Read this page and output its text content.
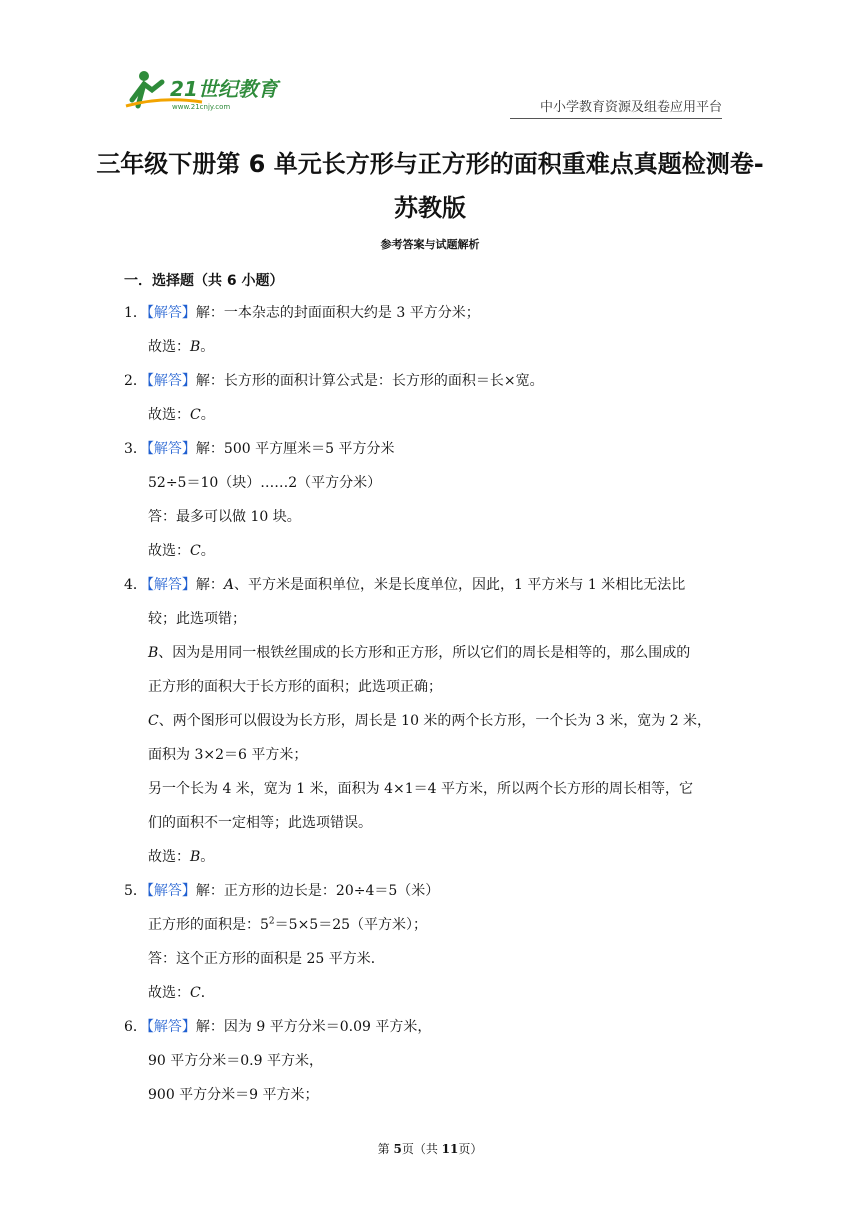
21世纪教育
www.21cnjy.com	中小学教育资源及组卷应用平台
三年级下册第 6 单元长方形与正方形的面积重难点真题检测卷-
苏教版
参考答案与试题解析
一．选择题（共 6 小题）
1．【解答】解：一本杂志的封面面积大约是 3 平方分米；
故选：B。
2．【解答】解：长方形的面积计算公式是：长方形的面积＝长×宽。
故选：C。
3．【解答】解：500 平方厘米＝5 平方分米
52÷5＝10（块）……2（平方分米）
答：最多可以做 10 块。
故选：C。
4．【解答】解：A、平方米是面积单位，米是长度单位，因此，1 平方米与 1 米相比无法比
较；此选项错；
B、因为是用同一根铁丝围成的长方形和正方形，所以它们的周长是相等的，那么围成的
正方形的面积大于长方形的面积；此选项正确；
C、两个图形可以假设为长方形，周长是 10 米的两个长方形，一个长为 3 米，宽为 2 米，
面积为 3×2＝6 平方米；
另一个长为 4 米，宽为 1 米，面积为 4×1＝4 平方米，所以两个长方形的周长相等，它
们的面积不一定相等；此选项错误。
故选：B。
5．【解答】解：正方形的边长是：20÷4＝5（米）
正方形的面积是：$5^2=5\times 5=25$（平方米）；
答：这个正方形的面积是 25 平方米．
故选：C．
6．【解答】解：因为 9 平方分米＝0.09 平方米，
90 平方分米＝0.9 平方米，
900 平方分米＝9 平方米；
第 5页（共 11页）
